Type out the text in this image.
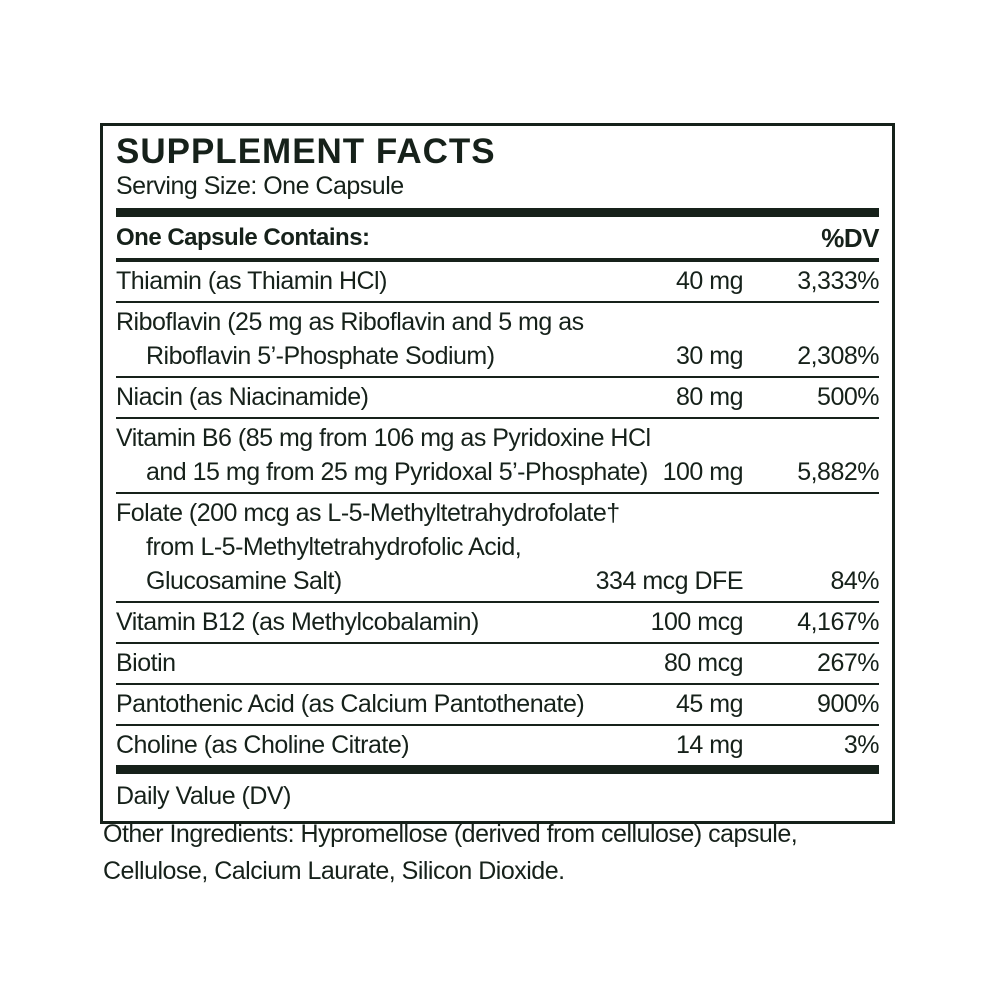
SUPPLEMENT FACTS
Serving Size: One Capsule
One Capsule Contains:	%DV
Thiamin (as Thiamin HCl)	40 mg	3,333%
Riboflavin (25 mg as Riboflavin and 5 mg as
Riboflavin 5’-Phosphate Sodium)	30 mg	2,308%
Niacin (as Niacinamide)	80 mg	500%
Vitamin B6 (85 mg from 106 mg as Pyridoxine HCl
and 15 mg from 25 mg Pyridoxal 5’-Phosphate) 100 mg	5,882%
Folate (200 mcg as L-5-Methyltetrahydrofolate†
from L-5-Methyltetrahydrofolic Acid,
Glucosamine Salt)	334 mcg DFE	84%
Vitamin B12 (as Methylcobalamin)	100 mcg	4,167%
Biotin	80 mcg	267%
Pantothenic Acid (as Calcium Pantothenate)	45 mg	900%
Choline (as Choline Citrate)	14 mg	3%
Daily Value (DV)
Other Ingredients: Hypromellose (derived from cellulose) capsule,
Cellulose, Calcium Laurate, Silicon Dioxide.
